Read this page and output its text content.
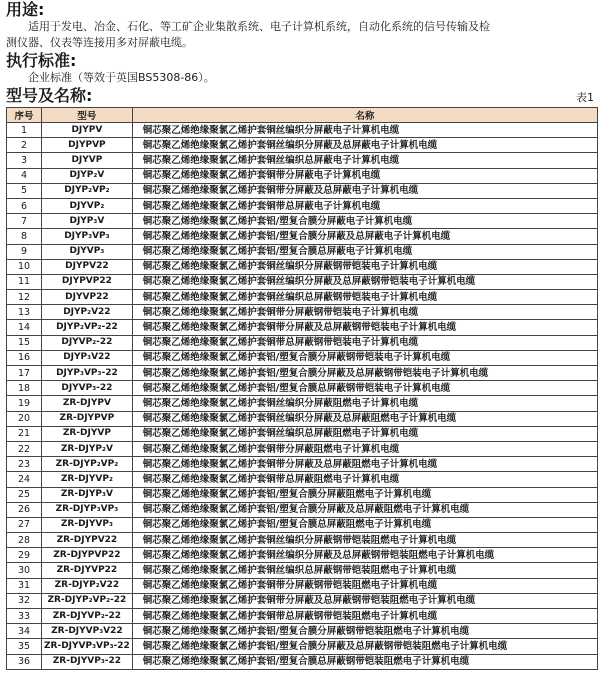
用途:

适用于发电、冶金、石化、等工矿企业集散系统、电子计算机系统，自动化系统的信号传输及检

测仪器、仪表等连接用多对屏蔽电缆。

执行标准:

企业标准（等效于英国BS5308-86）。

型号及名称:	表1
序号	型号	名称
1	DJYPV	铜芯聚乙烯绝缘聚氯乙烯护套铜丝编织分屏蔽电子计算机电缆
2	DJYPVP	铜芯聚乙烯绝缘聚氯乙烯护套铜丝编织分屏蔽及总屏蔽电子计算机电缆
3	DJYVP	铜芯聚乙烯绝缘聚氯乙烯护套铜丝编织总屏蔽电子计算机电缆
4	DJYP₂V	铜芯聚乙烯绝缘聚氯乙烯护套铜带分屏蔽电子计算机电缆
5	DJYP₂VP₂	铜芯聚乙烯绝缘聚氯乙烯护套铜带分屏蔽及总屏蔽电子计算机电缆
6	DJYVP₂	铜芯聚乙烯绝缘聚氯乙烯护套铜带总屏蔽电子计算机电缆
7	DJYP₃V	铜芯聚乙烯绝缘聚氯乙烯护套铝/塑复合膜分屏蔽电子计算机电缆
8	DJYP₃VP₃	铜芯聚乙烯绝缘聚氯乙烯护套铝/塑复合膜分屏蔽及总屏蔽电子计算机电缆
9	DJYVP₃	铜芯聚乙烯绝缘聚氯乙烯护套铝/塑复合膜总屏蔽电子计算机电缆
10	DJYPV22	铜芯聚乙烯绝缘聚氯乙烯护套铜丝编织分屏蔽钢带铠装电子计算机电缆
11	DJYPVP22	铜芯聚乙烯绝缘聚氯乙烯护套铜丝编织分屏蔽及总屏蔽钢带铠装电子计算机电缆
12	DJYVP22	铜芯聚乙烯绝缘聚氯乙烯护套铜丝编织总屏蔽钢带铠装电子计算机电缆
13	DJYP₂V22	铜芯聚乙烯绝缘聚氯乙烯护套铜带分屏蔽钢带铠装电子计算机电缆
14	DJYP₂VP₂-22	铜芯聚乙烯绝缘聚氯乙烯护套铜带分屏蔽及总屏蔽钢带铠装电子计算机电缆
15	DJYVP₂-22	铜芯聚乙烯绝缘聚氯乙烯护套铜带总屏蔽钢带铠装电子计算机电缆
16	DJYP₃V22	铜芯聚乙烯绝缘聚氯乙烯护套铝/塑复合膜分屏蔽钢带铠装电子计算机电缆
17	DJYP₃VP₃-22	铜芯聚乙烯绝缘聚氯乙烯护套铝/塑复合膜分屏蔽及总屏蔽钢带铠装电子计算机电缆
18	DJYVP₃-22	铜芯聚乙烯绝缘聚氯乙烯护套铝/塑复合膜总屏蔽钢带铠装电子计算机电缆
19	ZR-DJYPV	铜芯聚乙烯绝缘聚氯乙烯护套铜丝编织分屏蔽阻燃电子计算机电缆
20	ZR-DJYPVP	铜芯聚乙烯绝缘聚氯乙烯护套铜丝编织分屏蔽及总屏蔽阻燃电子计算机电缆
21	ZR-DJYVP	铜芯聚乙烯绝缘聚氯乙烯护套铜丝编织总屏蔽阻燃电子计算机电缆
22	ZR-DJYP₂V	铜芯聚乙烯绝缘聚氯乙烯护套铜带分屏蔽阻燃电子计算机电缆
23	ZR-DJYP₂VP₂	铜芯聚乙烯绝缘聚氯乙烯护套铜带分屏蔽及总屏蔽阻燃电子计算机电缆
24	ZR-DJYVP₂	铜芯聚乙烯绝缘聚氯乙烯护套铜带总屏蔽阻燃电子计算机电缆
25	ZR-DJYP₃V	铜芯聚乙烯绝缘聚氯乙烯护套铝/塑复合膜分屏蔽阻燃电子计算机电缆
26	ZR-DJYP₃VP₃	铜芯聚乙烯绝缘聚氯乙烯护套铝/塑复合膜分屏蔽及总屏蔽阻燃电子计算机电缆
27	ZR-DJYVP₃	铜芯聚乙烯绝缘聚氯乙烯护套铝/塑复合膜总屏蔽阻燃电子计算机电缆
28	ZR-DJYPV22	铜芯聚乙烯绝缘聚氯乙烯护套铜丝编织分屏蔽钢带铠装阻燃电子计算机电缆
29	ZR-DJYPVP22	铜芯聚乙烯绝缘聚氯乙烯护套铜丝编织分屏蔽及总屏蔽钢带铠装阻燃电子计算机电缆
30	ZR-DJYVP22	铜芯聚乙烯绝缘聚氯乙烯护套铜丝编织总屏蔽钢带铠装阻燃电子计算机电缆
31	ZR-DJYP₂V22	铜芯聚乙烯绝缘聚氯乙烯护套铜带分屏蔽钢带铠装阻燃电子计算机电缆
32	ZR-DJYP₂VP₂-22	铜芯聚乙烯绝缘聚氯乙烯护套铜带分屏蔽及总屏蔽钢带铠装阻燃电子计算机电缆
33	ZR-DJYVP₂-22	铜芯聚乙烯绝缘聚氯乙烯护套铜带总屏蔽钢带铠装阻燃电子计算机电缆
34	ZR-DJYVP₃V22	铜芯聚乙烯绝缘聚氯乙烯护套铝/塑复合膜分屏蔽钢带铠装阻燃电子计算机电缆
35	ZR-DJYVP₃VP₃-22	铜芯聚乙烯绝缘聚氯乙烯护套铝/塑复合膜分屏蔽及总屏蔽钢带铠装阻燃电子计算机电缆
36	ZR-DJYVP₃-22	铜芯聚乙烯绝缘聚氯乙烯护套铝/塑复合膜总屏蔽钢带铠装阻燃电子计算机电缆
